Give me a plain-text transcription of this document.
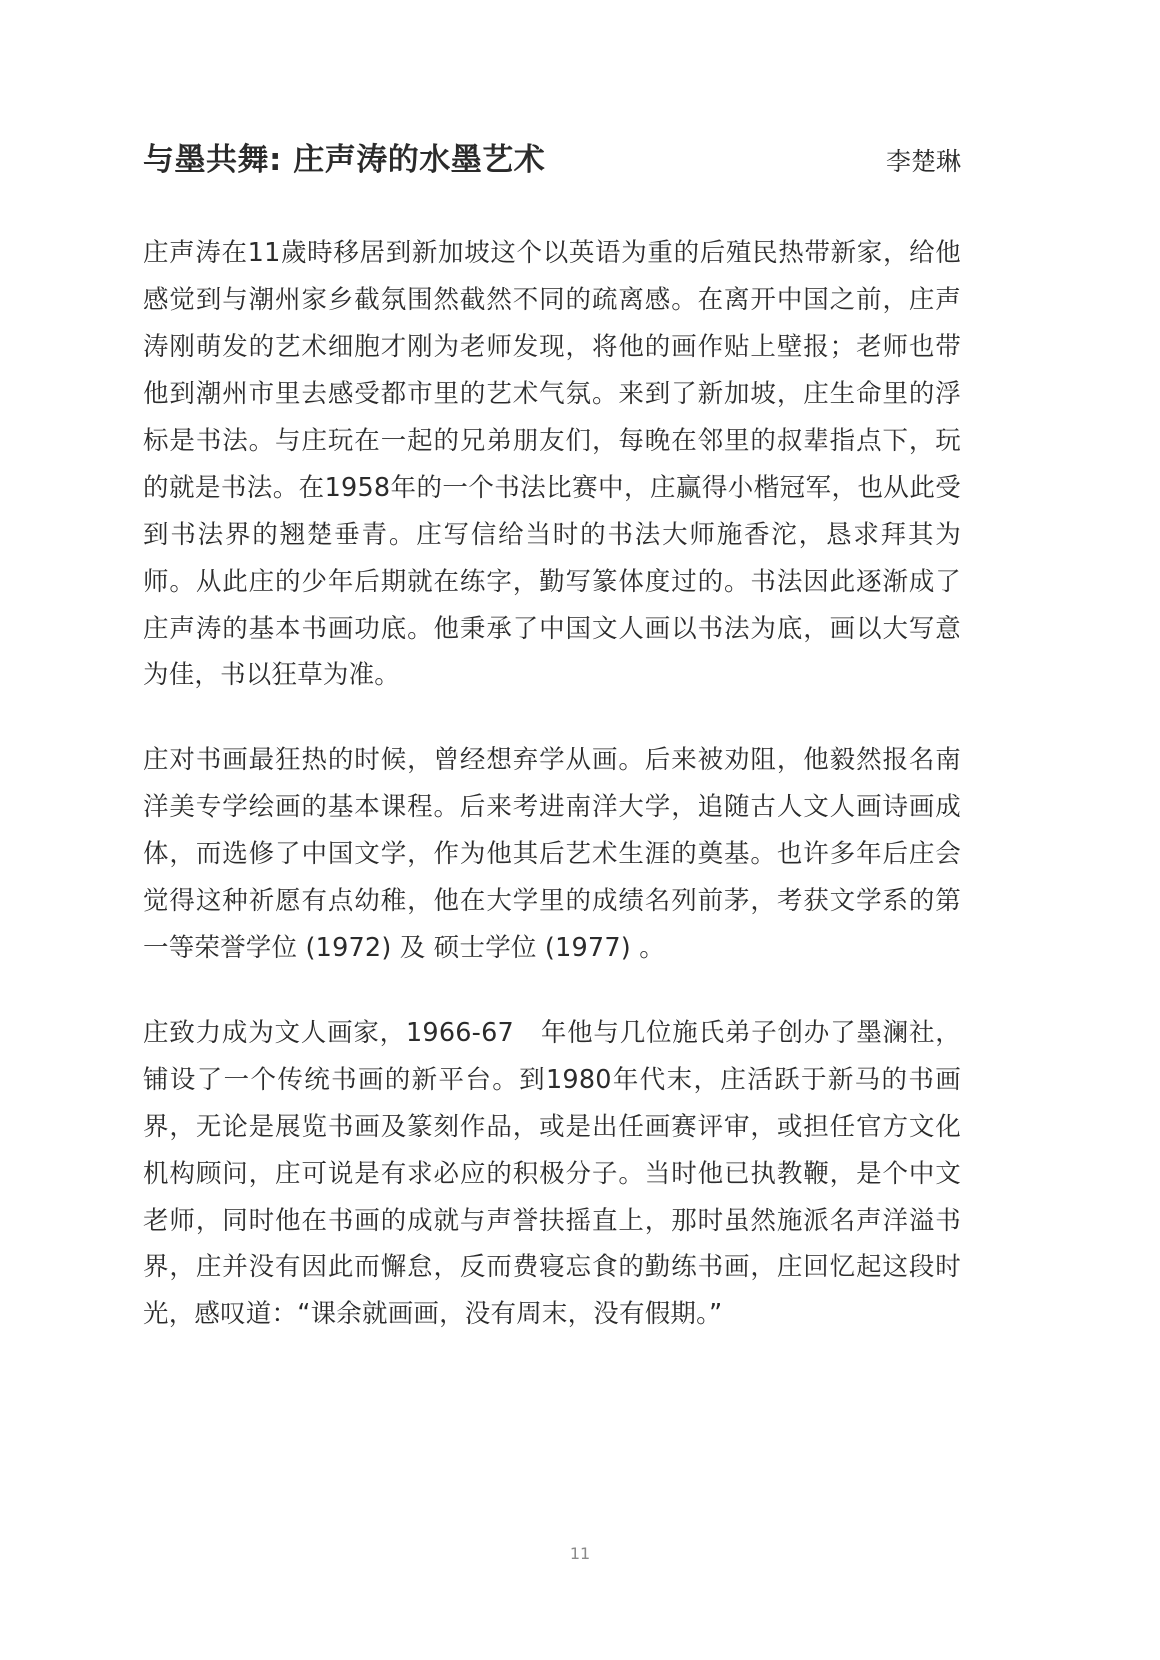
与墨共舞: 庄声涛的水墨艺术	李楚琳

庄声涛在11歲時移居到新加坡这个以英语为重的后殖民热带新家，给他感觉到与潮州家乡截氛围然截然不同的疏离感。在离开中国之前，庄声涛刚萌发的艺术细胞才刚为老师发现，将他的画作贴上壁报；老师也带他到潮州市里去感受都市里的艺术气氛。来到了新加坡，庄生命里的浮标是书法。与庄玩在一起的兄弟朋友们，每晚在邻里的叔辈指点下，玩的就是书法。在1958年的一个书法比赛中，庄赢得小楷冠军，也从此受到书法界的翘楚垂青。庄写信给当时的书法大师施香沱，恳求拜其为师。从此庄的少年后期就在练字，勤写篆体度过的。书法因此逐渐成了庄声涛的基本书画功底。他秉承了中国文人画以书法为底，画以大写意为佳，书以狂草为准。

庄对书画最狂热的时候，曾经想弃学从画。后来被劝阻，他毅然报名南洋美专学绘画的基本课程。后来考进南洋大学，追随古人文人画诗画成体，而选修了中国文学，作为他其后艺术生涯的奠基。也许多年后庄会觉得这种祈愿有点幼稚，他在大学里的成绩名列前茅，考获文学系的第一等荣誉学位 (1972) 及 硕士学位 (1977) 。

庄致力成为文人画家，1966-67　年他与几位施氏弟子创办了墨澜社，铺设了一个传统书画的新平台。到1980年代末，庄活跃于新马的书画界，无论是展览书画及篆刻作品，或是出任画赛评审，或担任官方文化机构顾问，庄可说是有求必应的积极分子。当时他已执教鞭，是个中文老师，同时他在书画的成就与声誉扶摇直上，那时虽然施派名声洋溢书界，庄并没有因此而懈怠，反而费寝忘食的勤练书画，庄回忆起这段时光，感叹道：“课余就画画，没有周末，没有假期。”

11
